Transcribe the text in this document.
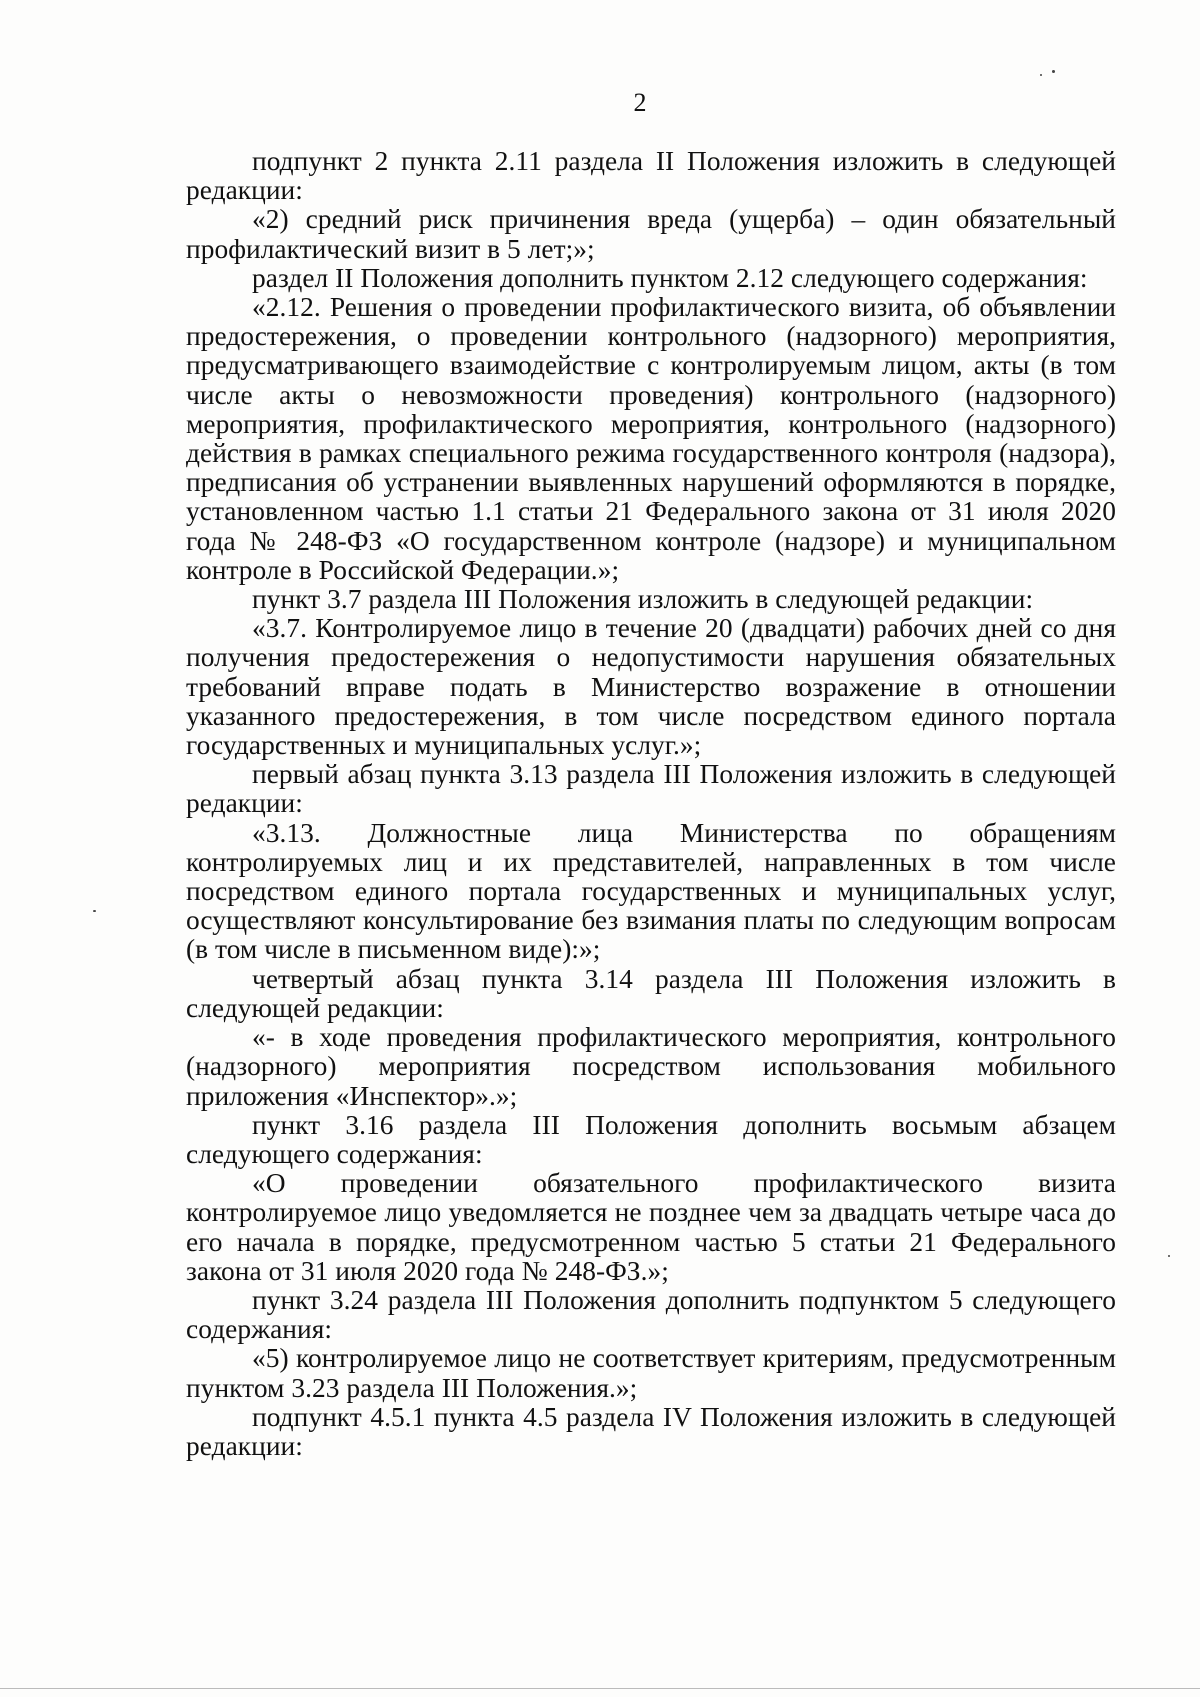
2

подпункт 2 пункта 2.11 раздела II Положения изложить в следующей редакции:

«2) средний риск причинения вреда (ущерба) – один обязательный профилактический визит в 5 лет;»;

раздел II Положения дополнить пунктом 2.12 следующего содержания:

«2.12. Решения о проведении профилактического визита, об объявлении предостережения, о проведении контрольного (надзорного) мероприятия, предусматривающего взаимодействие с контролируемым лицом, акты (в том числе акты о невозможности проведения) контрольного (надзорного) мероприятия, профилактического мероприятия, контрольного (надзорного) действия в рамках специального режима государственного контроля (надзора), предписания об устранении выявленных нарушений оформляются в порядке, установленном частью 1.1 статьи 21 Федерального закона от 31 июля 2020 года № 248-ФЗ «О государственном контроле (надзоре) и муниципальном контроле в Российской Федерации.»;

пункт 3.7 раздела III Положения изложить в следующей редакции:

«3.7. Контролируемое лицо в течение 20 (двадцати) рабочих дней со дня получения предостережения о недопустимости нарушения обязательных требований вправе подать в Министерство возражение в отношении указанного предостережения, в том числе посредством единого портала государственных и муниципальных услуг.»;

первый абзац пункта 3.13 раздела III Положения изложить в следующей редакции:

«3.13. Должностные лица Министерства по обращениям контролируемых лиц и их представителей, направленных в том числе посредством единого портала государственных и муниципальных услуг, осуществляют консультирование без взимания платы по следующим вопросам (в том числе в письменном виде):»;

четвертый абзац пункта 3.14 раздела III Положения изложить в следующей редакции:

«- в ходе проведения профилактического мероприятия, контрольного (надзорного) мероприятия посредством использования мобильного приложения «Инспектор».»;

пункт 3.16 раздела III Положения дополнить восьмым абзацем следующего содержания:

«О проведении обязательного профилактического визита контролируемое лицо уведомляется не позднее чем за двадцать четыре часа до его начала в порядке, предусмотренном частью 5 статьи 21 Федерального закона от 31 июля 2020 года № 248-ФЗ.»;

пункт 3.24 раздела III Положения дополнить подпунктом 5 следующего содержания:

«5) контролируемое лицо не соответствует критериям, предусмотренным пунктом 3.23 раздела III Положения.»;

подпункт 4.5.1 пункта 4.5 раздела IV Положения изложить в следующей редакции:
